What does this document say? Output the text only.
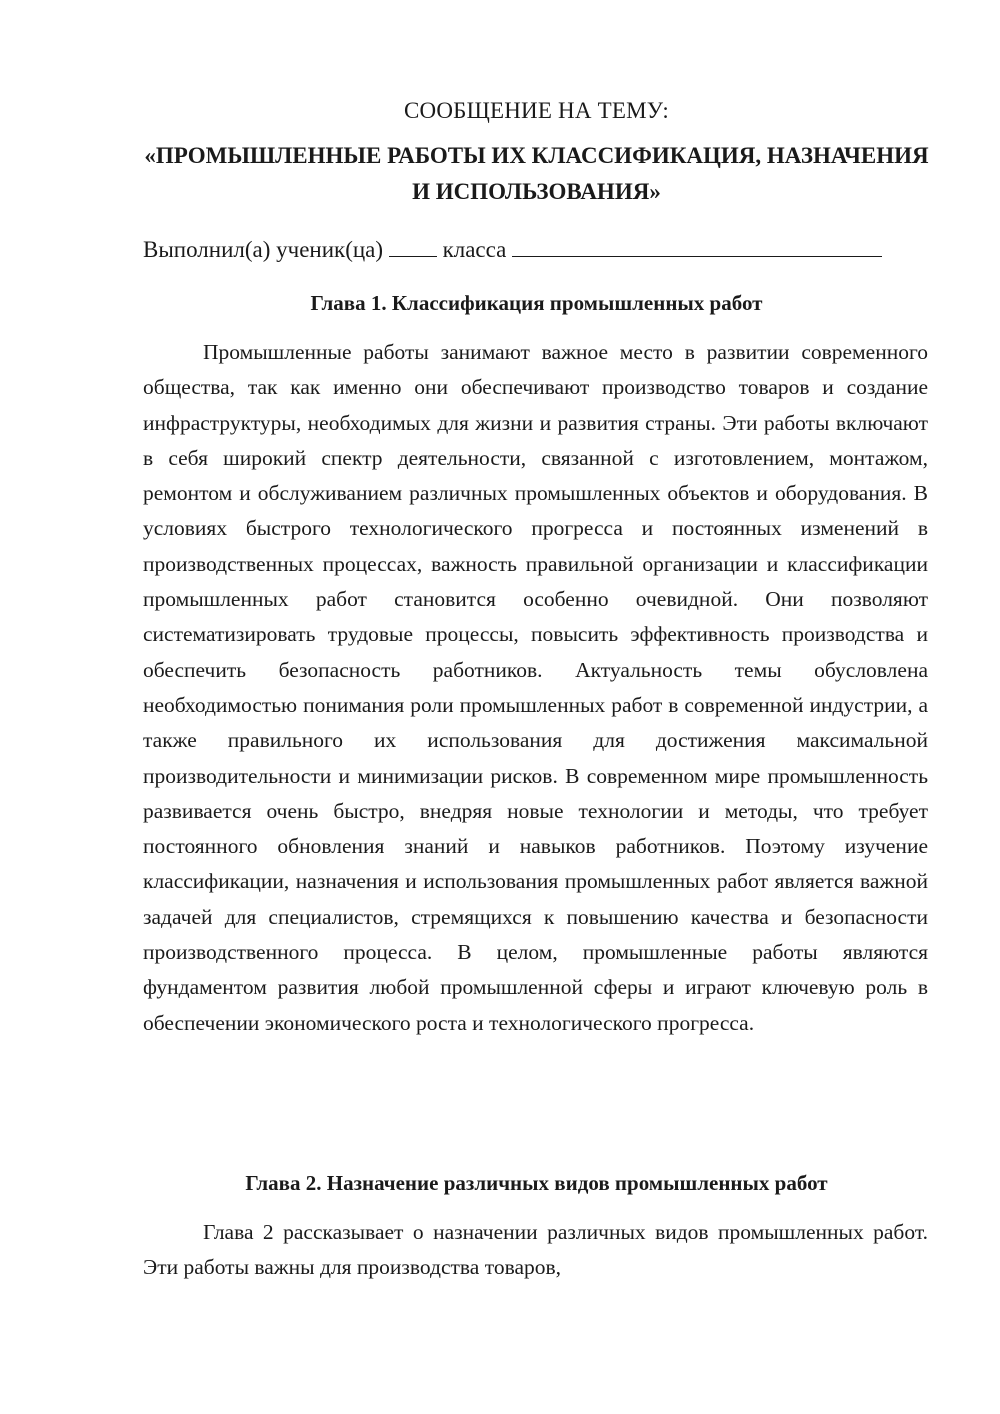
СООБЩЕНИЕ НА ТЕМУ:
«ПРОМЫШЛЕННЫЕ РАБОТЫ ИХ КЛАССИФИКАЦИЯ, НАЗНАЧЕНИЯ И ИСПОЛЬЗОВАНИЯ»
Выполнил(а) ученик(ца)	класса
Глава 1. Классификация промышленных работ

Промышленные работы занимают важное место в развитии современного общества, так как именно они обеспечивают производство товаров и создание инфраструктуры, необходимых для жизни и развития страны. Эти работы включают в себя широкий спектр деятельности, связанной с изготовлением, монтажом, ремонтом и обслуживанием различных промышленных объектов и оборудования. В условиях быстрого технологического прогресса и постоянных изменений в производственных процессах, важность правильной организации и классификации промышленных работ становится особенно очевидной. Они позволяют систематизировать трудовые процессы, повысить эффективность производства и обеспечить безопасность работников. Актуальность темы обусловлена необходимостью понимания роли промышленных работ в современной индустрии, а также правильного их использования для достижения максимальной производительности и минимизации рисков. В современном мире промышленность развивается очень быстро, внедряя новые технологии и методы, что требует постоянного обновления знаний и навыков работников. Поэтому изучение классификации, назначения и использования промышленных работ является важной задачей для специалистов, стремящихся к повышению качества и безопасности производственного процесса. В целом, промышленные работы являются фундаментом развития любой промышленной сферы и играют ключевую роль в обеспечении экономического роста и технологического прогресса.

Глава 2. Назначение различных видов промышленных работ

Глава 2 рассказывает о назначении различных видов промышленных работ. Эти работы важны для производства товаров,
